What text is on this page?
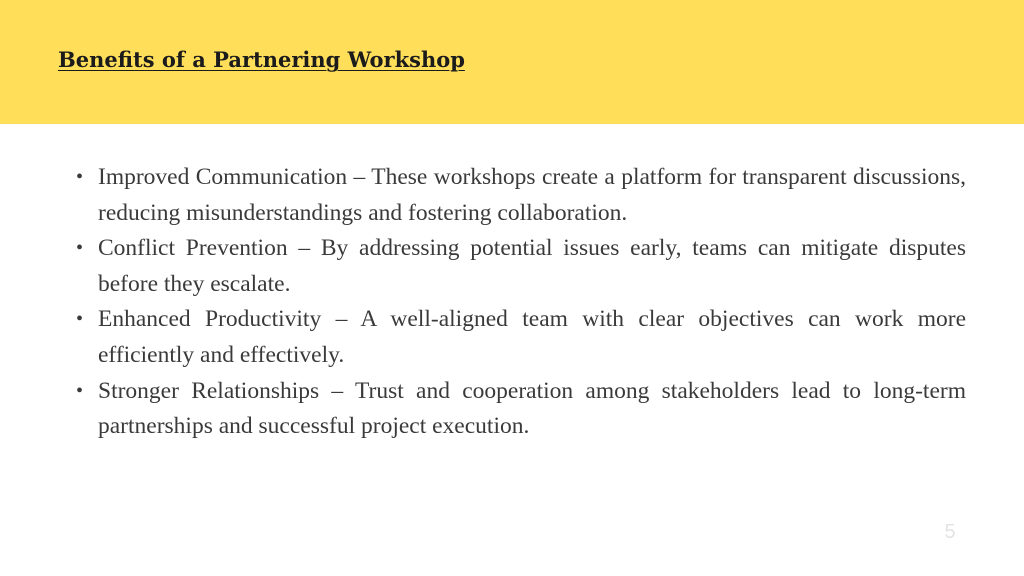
Benefits of a Partnering Workshop
• Improved Communication – These workshops create a platform for transparent discussions, reducing misunderstandings and fostering collaboration.
• Conflict Prevention – By addressing potential issues early, teams can mitigate disputes before they escalate.
• Enhanced Productivity – A well-aligned team with clear objectives can work more efficiently and effectively.
• Stronger Relationships – Trust and cooperation among stakeholders lead to long-term partnerships and successful project execution.
5
